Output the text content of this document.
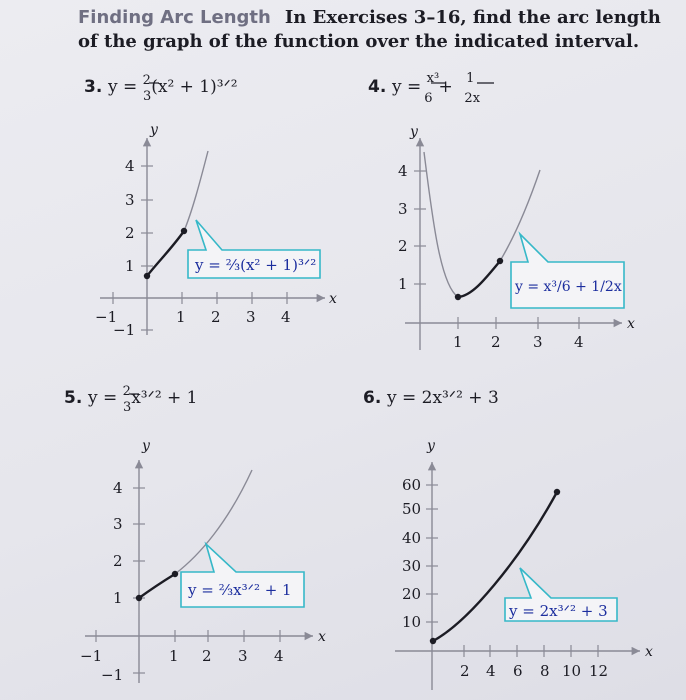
Finding Arc Length In Exercises 3–16, find the arc length of the graph of the function over the indicated interval.
3. y = $^2$ 3(x² + 1)³ᐟ²
x
y
−1	1 2 3 4
−1
1
2
3
4
y = ⅔(x² + 1)³ᐟ²
4. y = $^{x^3}$ 6+ $^1$ 2x
x
y
1 2 3 4
1
2
3
4
y = x³/6 + 1/2x
5. y = $^2$ 3x³ᐟ² + 1
x
y
−1	1 2 3 4
−1
1
2
3
4
y = ⅔x³ᐟ² + 1
6. y = 2x³ᐟ² + 3
x
y
2 4 6 8 10 12
10
20
30
40
50
60
y = 2x³ᐟ² + 3
